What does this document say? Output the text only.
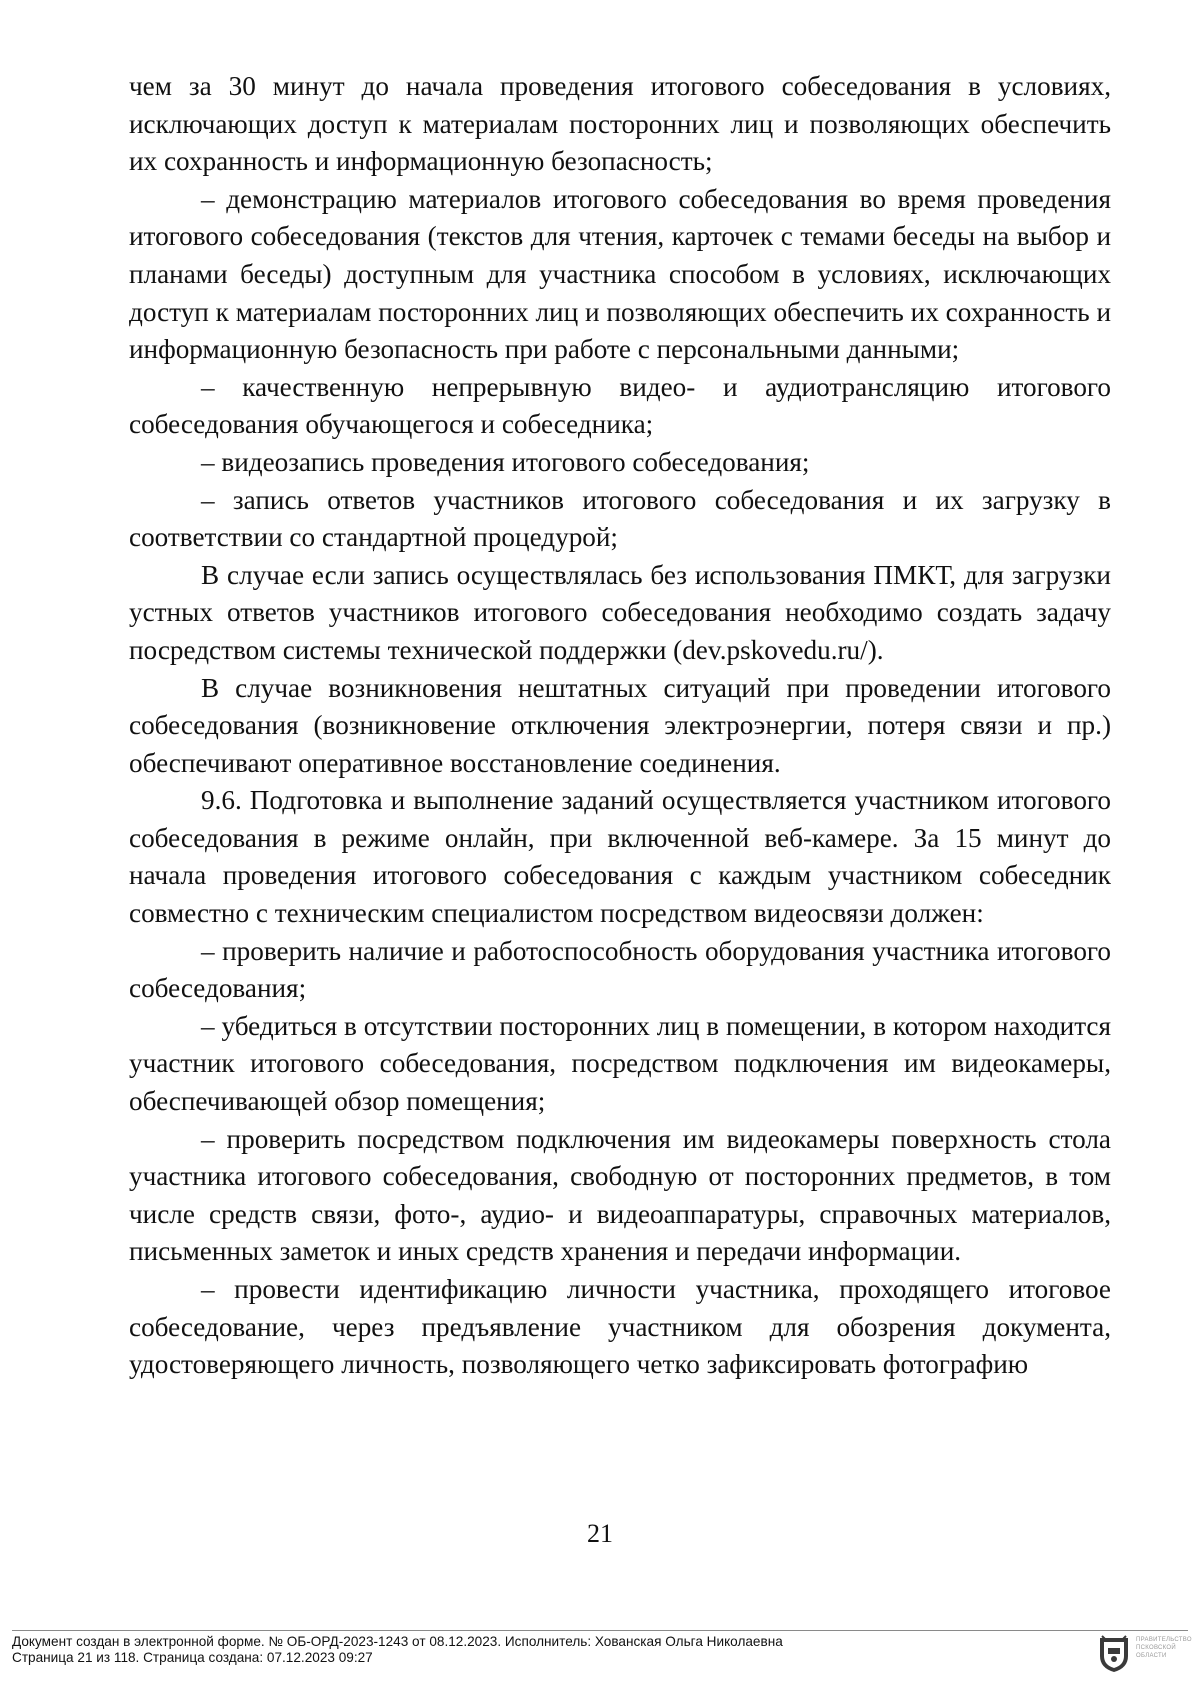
чем за 30 минут до начала проведения итогового собеседования в условиях, исключающих доступ к материалам посторонних лиц и позволяющих обеспечить их сохранность и информационную безопасность;

– демонстрацию материалов итогового собеседования во время проведения итогового собеседования (текстов для чтения, карточек с темами беседы на выбор и планами беседы) доступным для участника способом в условиях, исключающих доступ к материалам посторонних лиц и позволяющих обеспечить их сохранность и информационную безопасность при работе с персональными данными;

– качественную непрерывную видео- и аудиотрансляцию итогового собеседования обучающегося и собеседника;

– видеозапись проведения итогового собеседования;

– запись ответов участников итогового собеседования и их загрузку в соответствии со стандартной процедурой;

В случае если запись осуществлялась без использования ПМКТ, для загрузки устных ответов участников итогового собеседования необходимо создать задачу посредством системы технической поддержки (dev.pskovedu.ru/).

В случае возникновения нештатных ситуаций при проведении итогового собеседования (возникновение отключения электроэнергии, потеря связи и пр.) обеспечивают оперативное восстановление соединения.

9.6. Подготовка и выполнение заданий осуществляется участником итогового собеседования в режиме онлайн, при включенной веб-камере. За 15 минут до начала проведения итогового собеседования с каждым участником собеседник совместно с техническим специалистом посредством видеосвязи должен:

– проверить наличие и работоспособность оборудования участника итогового собеседования;

– убедиться в отсутствии посторонних лиц в помещении, в котором находится участник итогового собеседования, посредством подключения им видеокамеры, обеспечивающей обзор помещения;

– проверить посредством подключения им видеокамеры поверхность стола участника итогового собеседования, свободную от посторонних предметов, в том числе средств связи, фото-, аудио- и видеоаппаратуры, справочных материалов, письменных заметок и иных средств хранения и передачи информации.

– провести идентификацию личности участника, проходящего итоговое собеседование, через предъявление участником для обозрения документа, удостоверяющего личность, позволяющего четко зафиксировать фотографию

21
Документ создан в электронной форме. № ОБ-ОРД-2023-1243 от 08.12.2023. Исполнитель: Хованская Ольга Николаевна
Страница 21 из 118. Страница создана: 07.12.2023 09:27
ПРАВИТЕЛЬСТВО ПСКОВСКОЙ ОБЛАСТИ
